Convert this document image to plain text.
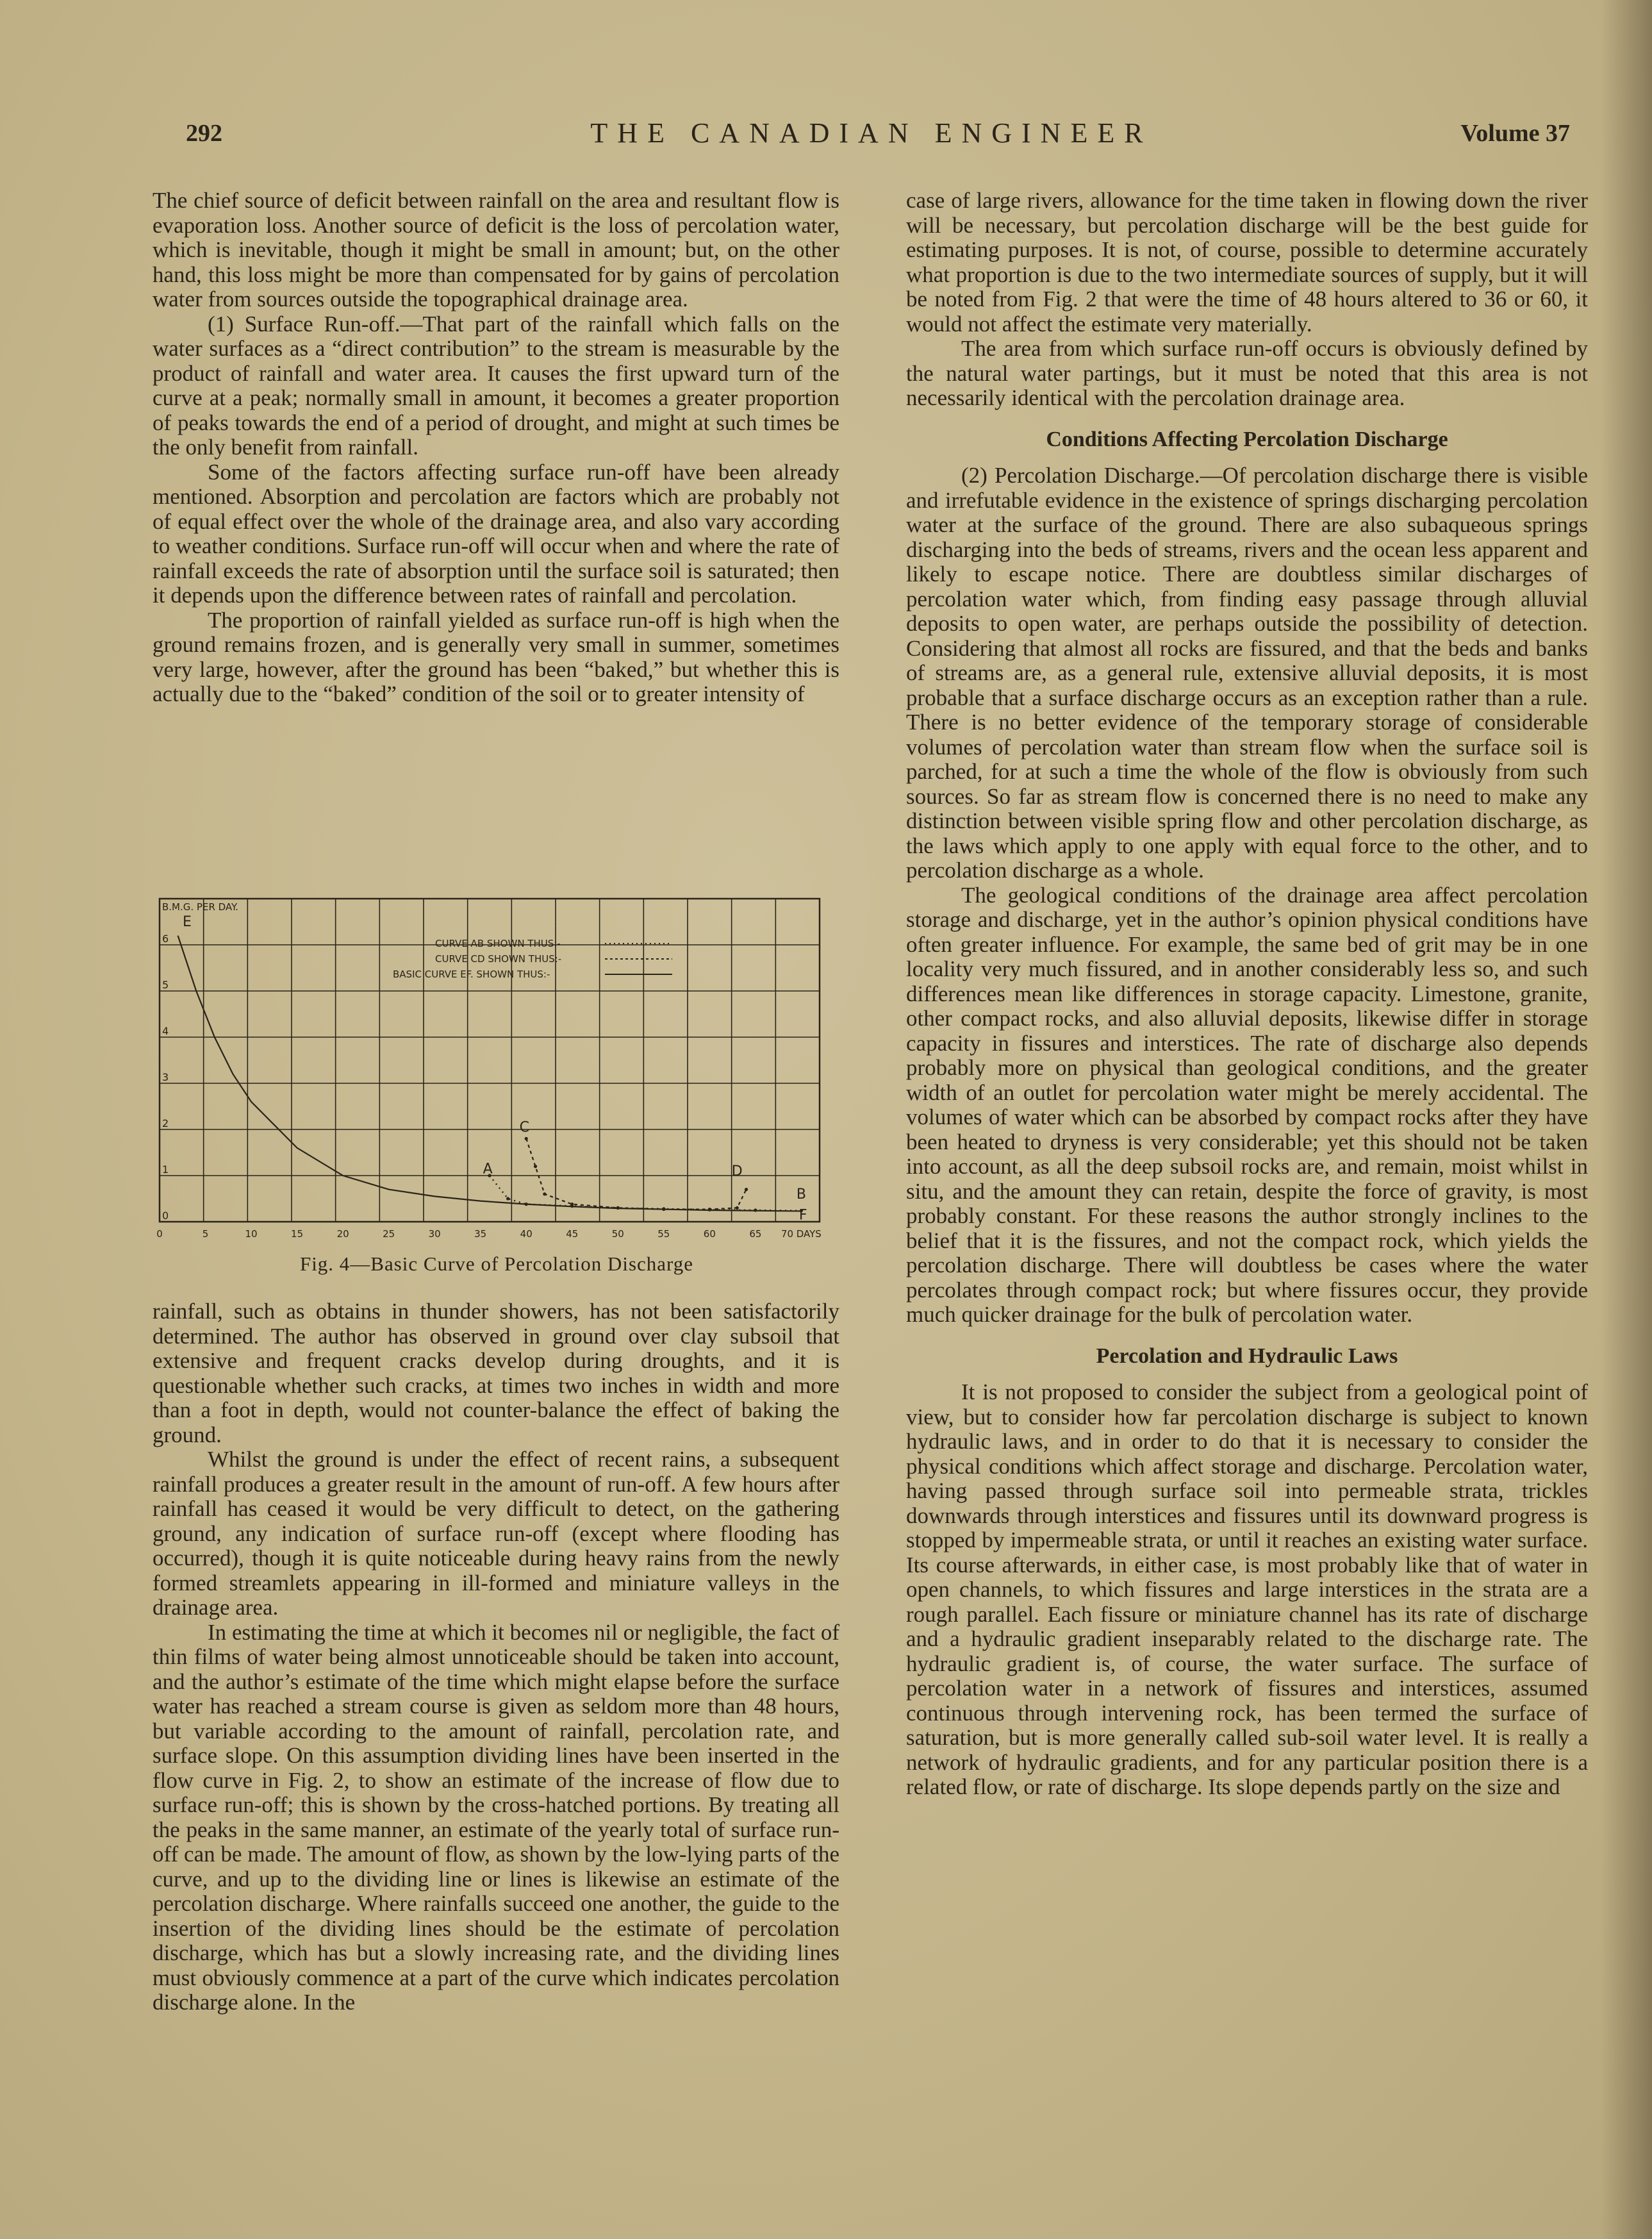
292	THE CANADIAN ENGINEER	Volume 37

The chief source of deficit between rainfall on the area and resultant flow is evaporation loss. Another source of deficit is the loss of percolation water, which is inevitable, though it might be small in amount; but, on the other hand, this loss might be more than compensated for by gains of percolation water from sources outside the topographical drainage area.

(1) Surface Run-off.—That part of the rainfall which falls on the water surfaces as a “direct contribution” to the stream is measurable by the product of rainfall and water area. It causes the first upward turn of the curve at a peak; normally small in amount, it becomes a greater proportion of peaks towards the end of a period of drought, and might at such times be the only benefit from rainfall.

Some of the factors affecting surface run-off have been already mentioned. Absorption and percolation are factors which are probably not of equal effect over the whole of the drainage area, and also vary according to weather conditions. Surface run-off will occur when and where the rate of rainfall exceeds the rate of absorption until the surface soil is saturated; then it depends upon the difference between rates of rainfall and percolation.

The proportion of rainfall yielded as surface run-off is high when the ground remains frozen, and is generally very small in summer, sometimes very large, however, after the ground has been “baked,” but whether this is actually due to the “baked” condition of the soil or to greater intensity of

0	5	10	15	20	25	30	35	40	45	50	55	60	65 70 DAYS
0
1
2
3
4
5
6
B.M.G. PER DAY.
CURVE AB SHOWN THUS:-
CURVE CD SHOWN THUS:-
BASIC CURVE EF. SHOWN THUS:-
E
A
C
D
B
F
Fig. 4—Basic Curve of Percolation Discharge

rainfall, such as obtains in thunder showers, has not been satisfactorily determined. The author has observed in ground over clay subsoil that extensive and frequent cracks develop during droughts, and it is questionable whether such cracks, at times two inches in width and more than a foot in depth, would not counter-balance the effect of baking the ground.

Whilst the ground is under the effect of recent rains, a subsequent rainfall produces a greater result in the amount of run-off. A few hours after rainfall has ceased it would be very difficult to detect, on the gathering ground, any indication of surface run-off (except where flooding has occurred), though it is quite noticeable during heavy rains from the newly formed streamlets appearing in ill-formed and miniature valleys in the drainage area.

In estimating the time at which it becomes nil or negligible, the fact of thin films of water being almost unnoticeable should be taken into account, and the author’s estimate of the time which might elapse before the surface water has reached a stream course is given as seldom more than 48 hours, but variable according to the amount of rainfall, percolation rate, and surface slope. On this assumption dividing lines have been inserted in the flow curve in Fig. 2, to show an estimate of the increase of flow due to surface run-off; this is shown by the cross-hatched portions. By treating all the peaks in the same manner, an estimate of the yearly total of surface run-off can be made. The amount of flow, as shown by the low-lying parts of the curve, and up to the dividing line or lines is likewise an estimate of the percolation discharge. Where rainfalls succeed one another, the guide to the insertion of the dividing lines should be the estimate of percolation discharge, which has but a slowly increasing rate, and the dividing lines must obviously commence at a part of the curve which indicates percolation discharge alone. In the

case of large rivers, allowance for the time taken in flowing down the river will be necessary, but percolation discharge will be the best guide for estimating purposes. It is not, of course, possible to determine accurately what proportion is due to the two intermediate sources of supply, but it will be noted from Fig. 2 that were the time of 48 hours altered to 36 or 60, it would not affect the estimate very materially.

The area from which surface run-off occurs is obviously defined by the natural water partings, but it must be noted that this area is not necessarily identical with the percolation drainage area.

Conditions Affecting Percolation Discharge

(2) Percolation Discharge.—Of percolation discharge there is visible and irrefutable evidence in the existence of springs discharging percolation water at the surface of the ground. There are also subaqueous springs discharging into the beds of streams, rivers and the ocean less apparent and likely to escape notice. There are doubtless similar discharges of percolation water which, from finding easy passage through alluvial deposits to open water, are perhaps outside the possibility of detection. Considering that almost all rocks are fissured, and that the beds and banks of streams are, as a general rule, extensive alluvial deposits, it is most probable that a surface discharge occurs as an exception rather than a rule. There is no better evidence of the temporary storage of considerable volumes of percolation water than stream flow when the surface soil is parched, for at such a time the whole of the flow is obviously from such sources. So far as stream flow is concerned there is no need to make any distinction between visible spring flow and other percolation discharge, as the laws which apply to one apply with equal force to the other, and to percolation discharge as a whole.

The geological conditions of the drainage area affect percolation storage and discharge, yet in the author’s opinion physical conditions have often greater influence. For example, the same bed of grit may be in one locality very much fissured, and in another considerably less so, and such differences mean like differences in storage capacity. Limestone, granite, other compact rocks, and also alluvial deposits, likewise differ in storage capacity in fissures and interstices. The rate of discharge also depends probably more on physical than geological conditions, and the greater width of an outlet for percolation water might be merely accidental. The volumes of water which can be absorbed by compact rocks after they have been heated to dryness is very considerable; yet this should not be taken into account, as all the deep subsoil rocks are, and remain, moist whilst in situ, and the amount they can retain, despite the force of gravity, is most probably constant. For these reasons the author strongly inclines to the belief that it is the fissures, and not the compact rock, which yields the percolation discharge. There will doubtless be cases where the water percolates through compact rock; but where fissures occur, they provide much quicker drainage for the bulk of percolation water.

Percolation and Hydraulic Laws

It is not proposed to consider the subject from a geological point of view, but to consider how far percolation discharge is subject to known hydraulic laws, and in order to do that it is necessary to consider the physical conditions which affect storage and discharge. Percolation water, having passed through surface soil into permeable strata, trickles downwards through interstices and fissures until its downward progress is stopped by impermeable strata, or until it reaches an existing water surface. Its course afterwards, in either case, is most probably like that of water in open channels, to which fissures and large interstices in the strata are a rough parallel. Each fissure or miniature channel has its rate of discharge and a hydraulic gradient inseparably related to the discharge rate. The hydraulic gradient is, of course, the water surface. The surface of percolation water in a network of fissures and interstices, assumed continuous through intervening rock, has been termed the surface of saturation, but is more generally called sub-soil water level. It is really a network of hydraulic gradients, and for any particular position there is a related flow, or rate of discharge. Its slope depends partly on the size and
